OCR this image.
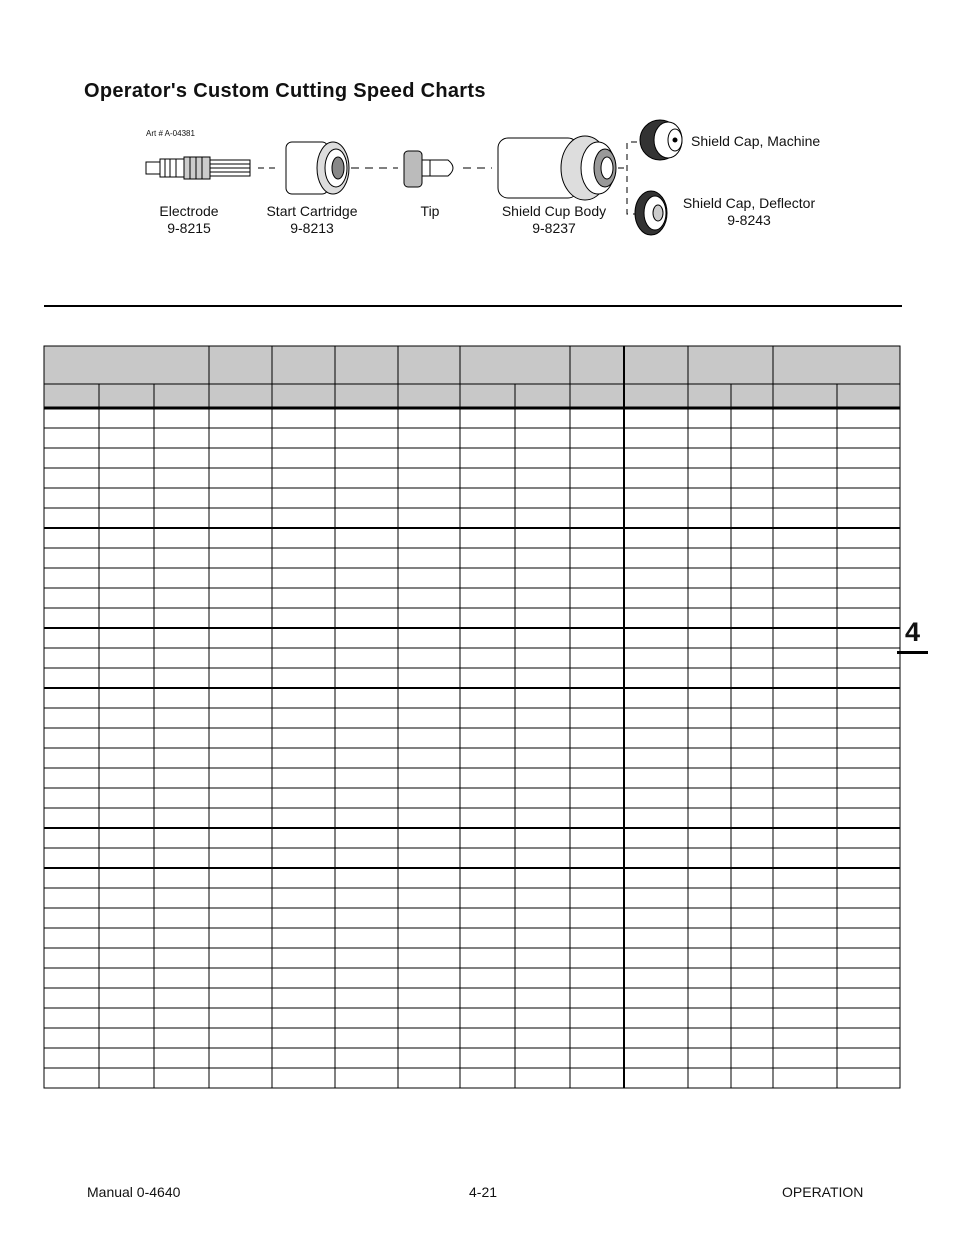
Operator's Custom Cutting Speed Charts
Art # A-04381
Electrode
9-8215
Start Cartridge
9-8213
Tip	Shield Cup Body
9-8237
Shield Cap, Machine
Shield Cap, Deflector
9-8243
4
Manual 0-4640	4-21	OPERATION
